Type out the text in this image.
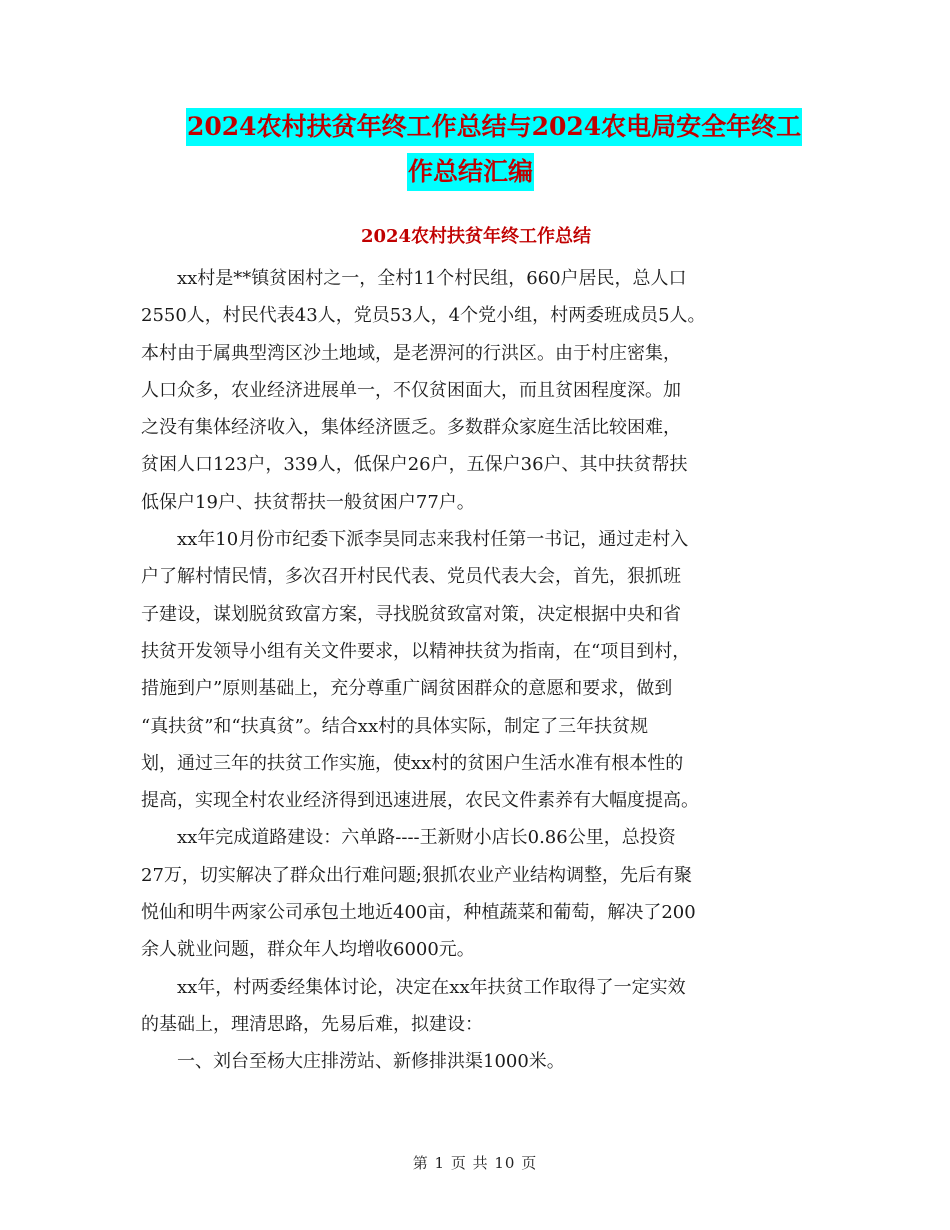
2024农村扶贫年终工作总结与2024农电局安全年终工
作总结汇编
2024农村扶贫年终工作总结
　　xx村是**镇贫困村之一，全村11个村民组，660户居民，总人口
2550人，村民代表43人，党员53人，4个党小组，村两委班成员5人。
本村由于属典型湾区沙土地域，是老淠河的行洪区。由于村庄密集，
人口众多，农业经济进展单一，不仅贫困面大，而且贫困程度深。加
之没有集体经济收入，集体经济匮乏。多数群众家庭生活比较困难，
贫困人口123户，339人，低保户26户，五保户36户、其中扶贫帮扶
低保户19户、扶贫帮扶一般贫困户77户。
　　xx年10月份市纪委下派李昊同志来我村任第一书记，通过走村入
户了解村情民情，多次召开村民代表、党员代表大会，首先，狠抓班
子建设，谋划脱贫致富方案，寻找脱贫致富对策，决定根据中央和省
扶贫开发领导小组有关文件要求，以精神扶贫为指南，在“项目到村，
措施到户”原则基础上，充分尊重广阔贫困群众的意愿和要求，做到
“真扶贫”和“扶真贫”。结合xx村的具体实际，制定了三年扶贫规
划，通过三年的扶贫工作实施，使xx村的贫困户生活水准有根本性的
提高，实现全村农业经济得到迅速进展，农民文件素养有大幅度提高。
　　xx年完成道路建设：六单路----王新财小店长0.86公里，总投资
27万，切实解决了群众出行难问题;狠抓农业产业结构调整，先后有聚
悦仙和明牛两家公司承包土地近400亩，种植蔬菜和葡萄，解决了200
余人就业问题，群众年人均增收6000元。
　　xx年，村两委经集体讨论，决定在xx年扶贫工作取得了一定实效
的基础上，理清思路，先易后难，拟建设：
　　一、刘台至杨大庄排涝站、新修排洪渠1000米。
第 1 页 共 10 页
